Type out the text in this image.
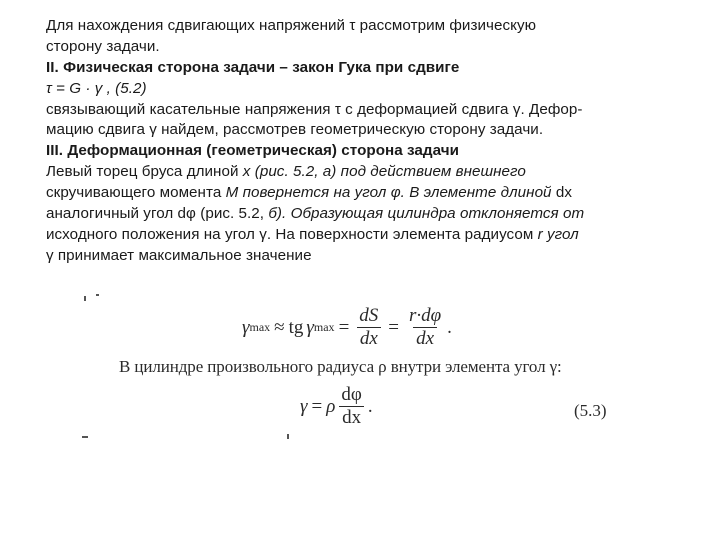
Для нахождения сдвигающих напряжений τ рассмотрим физическую
сторону задачи.
II. Физическая сторона задачи – закон Гука при сдвиге
τ = G · γ , (5.2)
связывающий касательные напряжения τ с деформацией сдвига γ. Дефор-
мацию сдвига γ найдем, рассмотрев геометрическую сторону задачи.
III. Деформационная (геометрическая) сторона задачи
Левый торец бруса длиной х (рис. 5.2, а) под действием внешнего
скручивающего момента М повернется на угол φ. В элементе длиной dх
аналогичный угол dφ (рис. 5.2, б). Образующая цилиндра отклоняется от
исходного положения на угол γ. На поверхности элемента радиусом r угол
γ принимает максимальное значение
γ max ≈ tg γ $\max = \frac{dS}{dx} = \frac{r\cdot d\varphi}{dx}$ .
В цилиндре произвольного радиуса ρ внутри элемента угол γ:
γ = ρ $\frac{d\varphi}{dx}$ .	(5.3)
